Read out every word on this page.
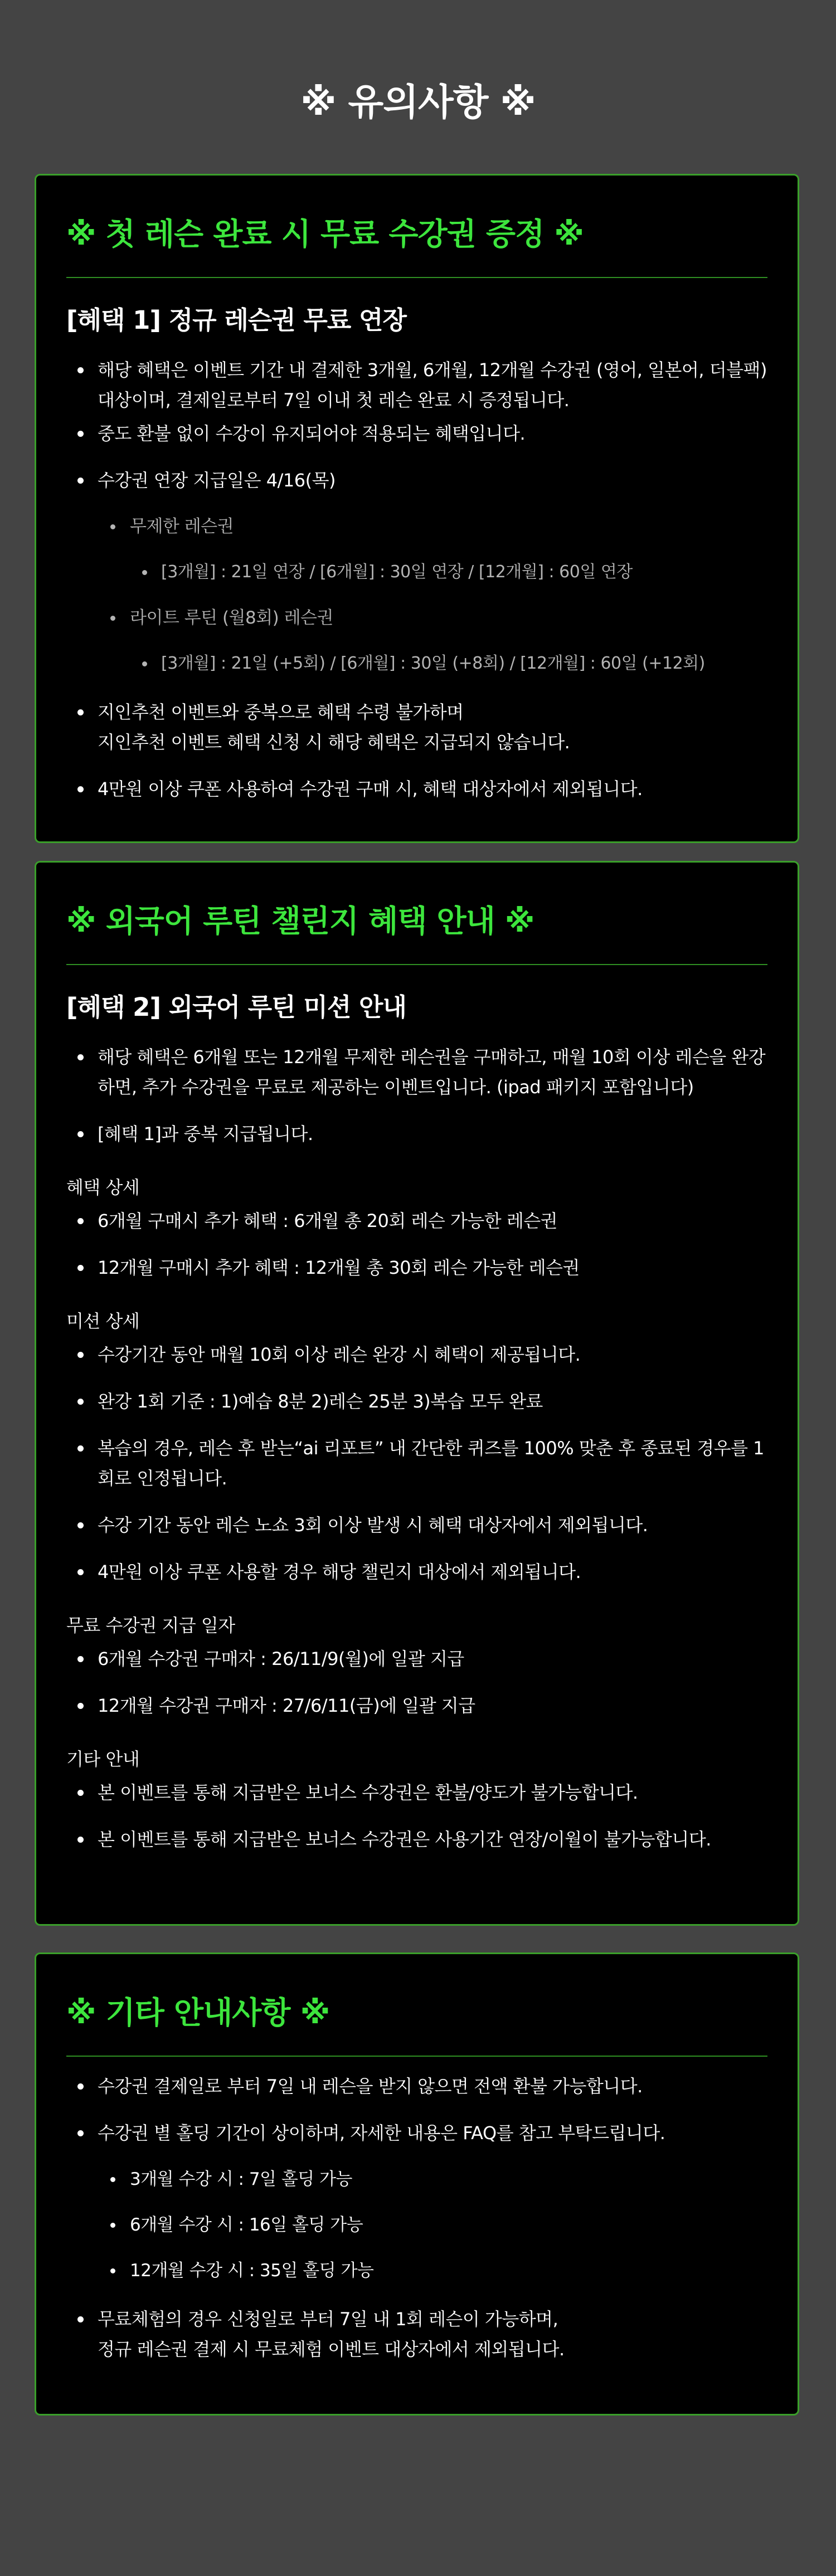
※ 유의사항 ※
※ 첫 레슨 완료 시 무료 수강권 증정 ※
[혜택 1] 정규 레슨권 무료 연장
해당 혜택은 이벤트 기간 내 결제한 3개월, 6개월, 12개월 수강권 (영어, 일본어, 더블팩) 대상이며, 결제일로부터 7일 이내 첫 레슨 완료 시 증정됩니다.
중도 환불 없이 수강이 유지되어야 적용되는 혜택입니다.
수강권 연장 지급일은 4/16(목)
무제한 레슨권
[3개월] : 21일 연장 / [6개월] : 30일 연장 / [12개월] : 60일 연장
라이트 루틴 (월8회) 레슨권
[3개월] : 21일 (+5회) / [6개월] : 30일 (+8회) / [12개월] : 60일 (+12회)
지인추천 이벤트와 중복으로 혜택 수령 불가하며
지인추천 이벤트 혜택 신청 시 해당 혜택은 지급되지 않습니다.
4만원 이상 쿠폰 사용하여 수강권 구매 시, 혜택 대상자에서 제외됩니다.
※ 외국어 루틴 챌린지 혜택 안내 ※
[혜택 2] 외국어 루틴 미션 안내
해당 혜택은 6개월 또는 12개월 무제한 레슨권을 구매하고, 매월 10회 이상 레슨을 완강하면, 추가 수강권을 무료로 제공하는 이벤트입니다. (ipad 패키지 포함입니다)
[혜택 1]과 중복 지급됩니다.
혜택 상세
6개월 구매시 추가 혜택 : 6개월 총 20회 레슨 가능한 레슨권
12개월 구매시 추가 혜택 : 12개월 총 30회 레슨 가능한 레슨권
미션 상세
수강기간 동안 매월 10회 이상 레슨 완강 시 혜택이 제공됩니다.
완강 1회 기준 : 1)예습 8분 2)레슨 25분 3)복습 모두 완료
복습의 경우, 레슨 후 받는“ai 리포트” 내 간단한 퀴즈를 100% 맞춘 후 종료된 경우를 1회로 인정됩니다.
수강 기간 동안 레슨 노쇼 3회 이상 발생 시 혜택 대상자에서 제외됩니다.
4만원 이상 쿠폰 사용할 경우 해당 챌린지 대상에서 제외됩니다.
무료 수강권 지급 일자
6개월 수강권 구매자 : 26/11/9(월)에 일괄 지급
12개월 수강권 구매자 : 27/6/11(금)에 일괄 지급
기타 안내
본 이벤트를 통해 지급받은 보너스 수강권은 환불/양도가 불가능합니다.
본 이벤트를 통해 지급받은 보너스 수강권은 사용기간 연장/이월이 불가능합니다.
※ 기타 안내사항 ※
수강권 결제일로 부터 7일 내 레슨을 받지 않으면 전액 환불 가능합니다.
수강권 별 홀딩 기간이 상이하며, 자세한 내용은 FAQ를 참고 부탁드립니다.
3개월 수강 시 : 7일 홀딩 가능
6개월 수강 시 : 16일 홀딩 가능
12개월 수강 시 : 35일 홀딩 가능
무료체험의 경우 신청일로 부터 7일 내 1회 레슨이 가능하며,
정규 레슨권 결제 시 무료체험 이벤트 대상자에서 제외됩니다.
